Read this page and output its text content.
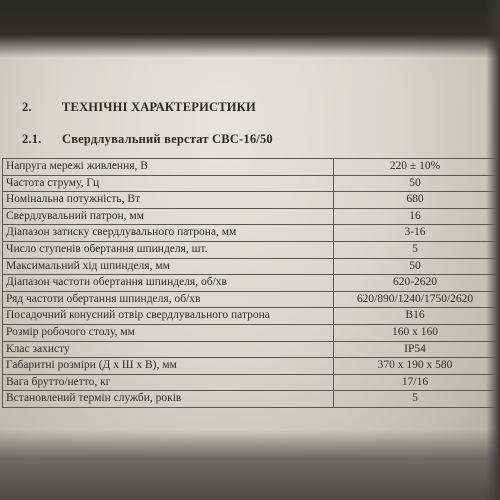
2. ТЕХНІЧНІ ХАРАКТЕРИСТИКИ
2.1. Свердлувальний верстат СВС-16/50
Напруга мережі живлення, В	220 ± 10%
Частота струму, Гц	50
Номінальна потужність, Вт	680
Свердлувальний патрон, мм	16
Діапазон затиску свердлувального патрона, мм	3-16
Число ступенів обертання шпинделя, шт.	5
Максимальний хід шпинделя, мм	50
Діапазон частоти обертання шпинделя, об/хв	620-2620
Ряд частоти обертання шпинделя, об/хв	620/890/1240/1750/2620
Посадочний конусний отвір свердлувального патрона	B16
Розмір робочого столу, мм	160 х 160
Клас захисту	IP54
Габаритні розміри (Д х Ш х В), мм	370 х 190 х 580
Вага брутто/нетто, кг	17/16
Встановлений термін служби, років	5
